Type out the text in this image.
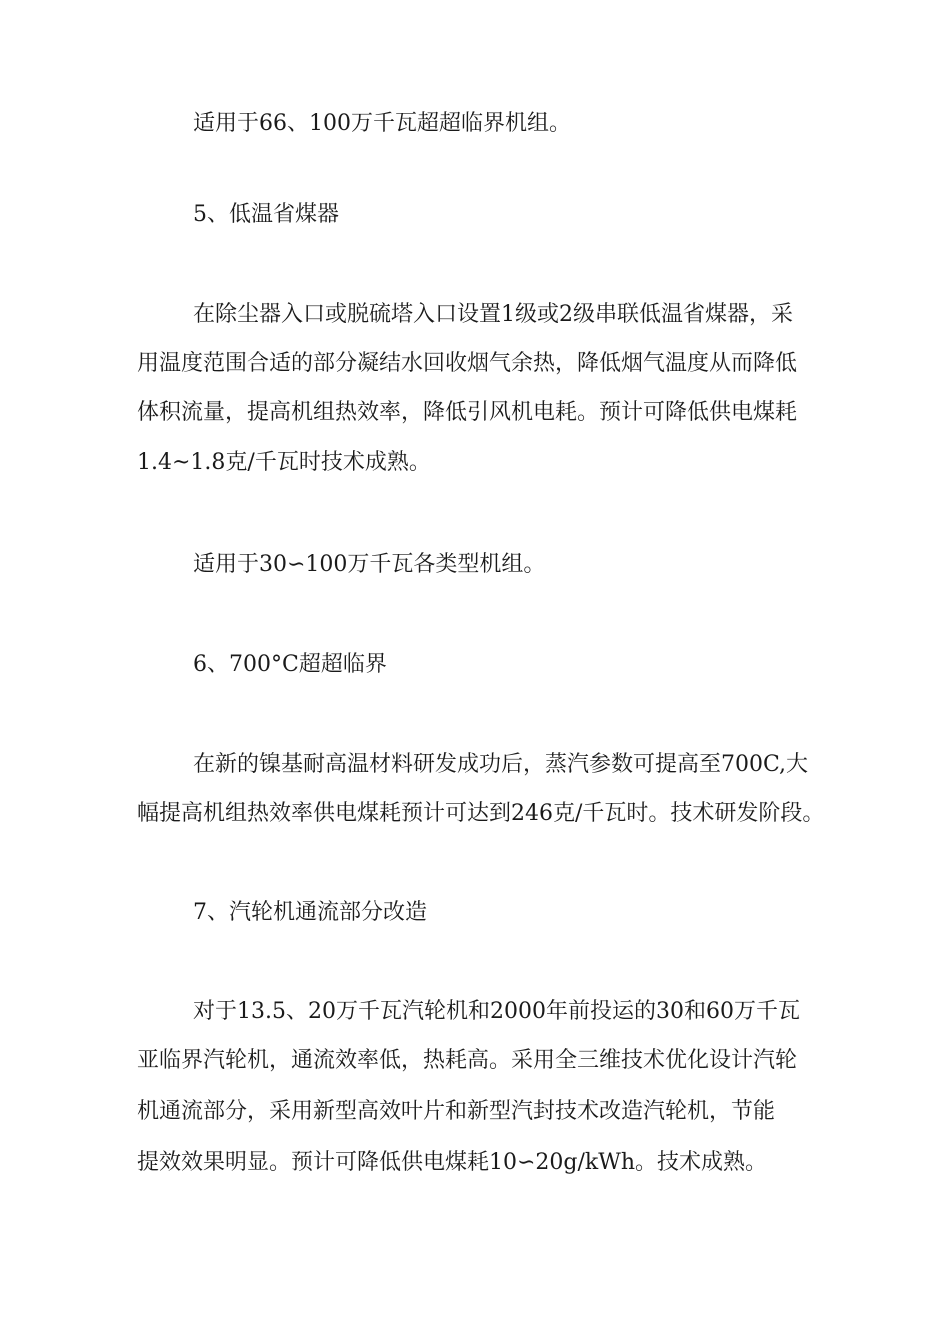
适用于66、100万千瓦超超临界机组。
5、低温省煤器
在除尘器入口或脱硫塔入口设置1级或2级串联低温省煤器，采
用温度范围合适的部分凝结水回收烟气余热，降低烟气温度从而降低
体积流量，提高机组热效率，降低引风机电耗。预计可降低供电煤耗
1.4~1.8克/千瓦时技术成熟。
适用于30∽100万千瓦各类型机组。
6、700°C超超临界
在新的镍基耐高温材料研发成功后，蒸汽参数可提高至700C,大
幅提高机组热效率供电煤耗预计可达到246克/千瓦时。技术研发阶段。
7、汽轮机通流部分改造
对于13.5、20万千瓦汽轮机和2000年前投运的30和60万千瓦
亚临界汽轮机，通流效率低，热耗高。采用全三维技术优化设计汽轮
机通流部分，采用新型高效叶片和新型汽封技术改造汽轮机，节能
提效效果明显。预计可降低供电煤耗10∽20g/kWh。技术成熟。
